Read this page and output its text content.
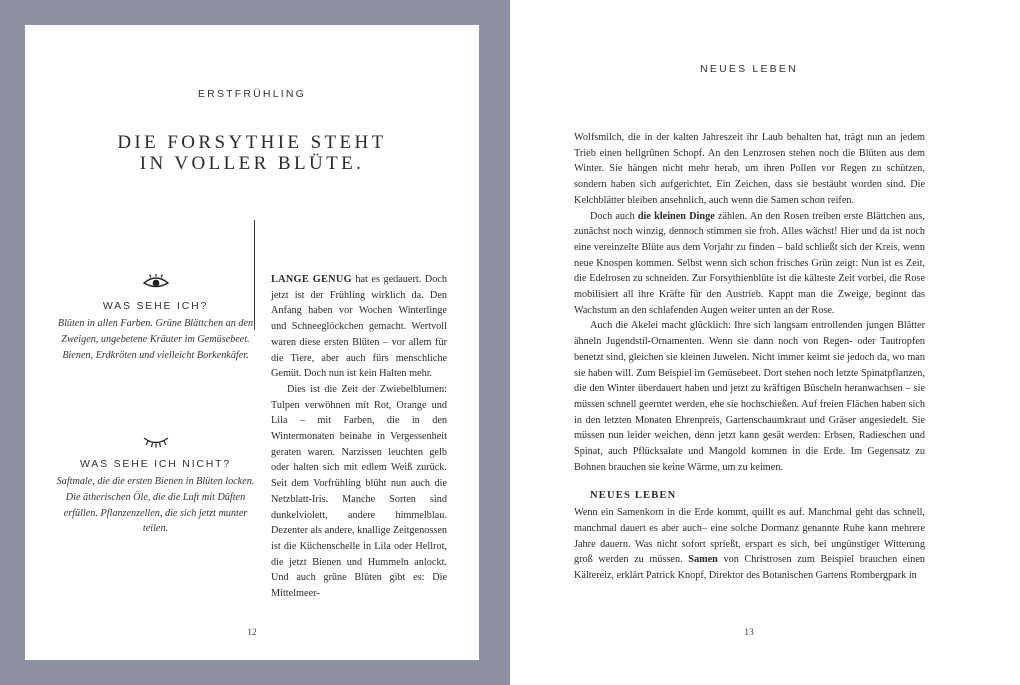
ERSTFRÜHLING
DIE FORSYTHIE STEHT
IN VOLLER BLÜTE.
WAS SEHE ICH?
Blüten in allen Farben. Grüne Blättchen an den Zweigen, ungebetene Kräuter im Gemüsebeet. Bienen, Erdkröten und vielleicht Borkenkäfer.
WAS SEHE ICH NICHT?
Saftmale, die die ersten Bienen in Blüten locken. Die ätherischen Öle, die die Luft mit Düften erfüllen. Pflanzenzellen, die sich jetzt munter teilen.

LANGE GENUG hat es gedauert. Doch jetzt ist der Frühling wirklich da. Den Anfang haben vor Wochen Winterlinge und Schneeglöckchen gemacht. Wertvoll waren diese ersten Blüten – vor allem für die Tiere, aber auch fürs menschliche Gemüt. Doch nun ist kein Halten mehr.

Dies ist die Zeit der Zwiebelblumen: Tulpen verwöhnen mit Rot, Orange und Lila – mit Farben, die in den Wintermonaten beinahe in Vergessenheit geraten waren. Narzissen leuchten gelb oder halten sich mit edlem Weiß zurück. Seit dem Vorfrühling blüht nun auch die Netzblatt-Iris. Manche Sorten sind dunkelviolett, andere himmelblau. Dezenter als andere, knallige Zeitgenossen ist die Küchenschelle in Lila oder Hellrot, die jetzt Bienen und Hummeln anlockt. Und auch grüne Blüten gibt es: Die Mittelmeer-

12
NEUES LEBEN

Wolfsmilch, die in der kalten Jahreszeit ihr Laub behalten hat, trägt nun an jedem Trieb einen hellgrünen Schopf. An den Lenzrosen stehen noch die Blüten aus dem Winter. Sie hängen nicht mehr herab, um ihren Pollen vor Regen zu schützen, sondern haben sich aufgerichtet. Ein Zeichen, dass sie bestäubt worden sind. Die Kelchblätter bleiben ansehnlich, auch wenn die Samen schon reifen.

Doch auch die kleinen Dinge zählen. An den Rosen treiben erste Blättchen aus, zunächst noch winzig, dennoch stimmen sie froh. Alles wächst! Hier und da ist noch eine vereinzelte Blüte aus dem Vorjahr zu finden – bald schließt sich der Kreis, wenn neue Knospen kommen. Selbst wenn sich schon frisches Grün zeigt: Nun ist es Zeit, die Edelrosen zu schneiden. Zur Forsythienblüte ist die kälteste Zeit vorbei, die Rose mobilisiert all ihre Kräfte für den Austrieb. Kappt man die Zweige, beginnt das Wachstum an den schlafenden Augen weiter unten an der Rose.

Auch die Akelei macht glücklich: Ihre sich langsam entrollenden jungen Blätter ähneln Jugendstil-Ornamenten. Wenn sie dann noch von Regen- oder Tautropfen benetzt sind, gleichen sie kleinen Juwelen. Nicht immer keimt sie jedoch da, wo man sie haben will. Zum Beispiel im Gemüsebeet. Dort stehen noch letzte Spinatpflanzen, die den Winter überdauert haben und jetzt zu kräftigen Büscheln heranwachsen – sie müssen schnell geerntet werden, ehe sie hochschießen. Auf freien Flächen haben sich in den letzten Monaten Ehrenpreis, Gartenschaumkraut und Gräser angesiedelt. Sie müssen nun leider weichen, denn jetzt kann gesät werden: Erbsen, Radieschen und Spinat, auch Pflücksalate und Mangold kommen in die Erde. Im Gegensatz zu Bohnen brauchen sie keine Wärme, um zu keimen.

NEUES LEBEN

Wenn ein Samenkorn in die Erde kommt, quillt es auf. Manchmal geht das schnell, manchmal dauert es aber auch– eine solche Dormanz genannte Ruhe kann mehrere Jahre dauern. Was nicht sofort sprießt, erspart es sich, bei ungünstiger Witterung groß werden zu müssen. Samen von Christrosen zum Beispiel brauchen einen Kältereiz, erklärt Patrick Knopf, Direktor des Botanischen Gartens Rombergpark in

13
